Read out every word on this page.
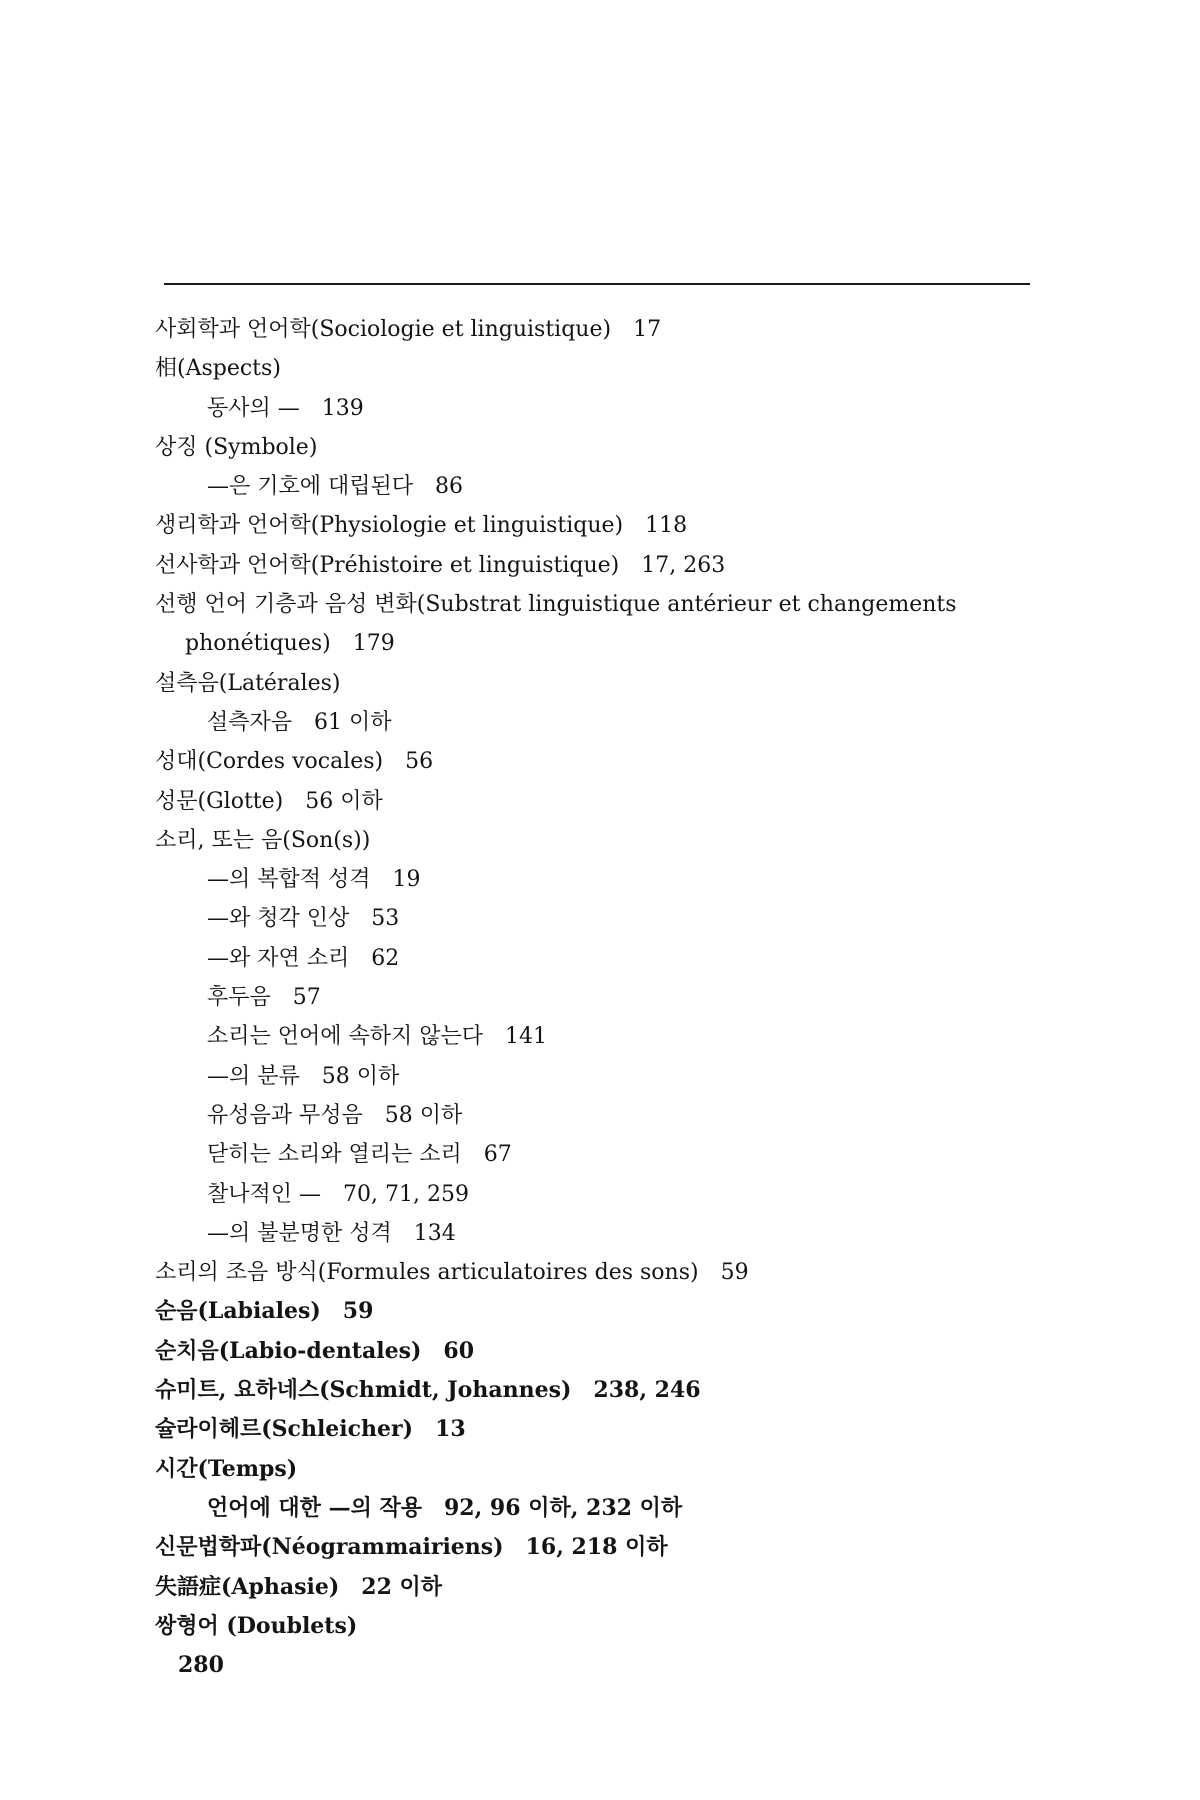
사회학과 언어학(Sociologie et linguistique) 17
相(Aspects)
동사의 — 139
상징 (Symbole)
—은 기호에 대립된다 86
생리학과 언어학(Physiologie et linguistique) 118
선사학과 언어학(Préhistoire et linguistique) 17, 263
선행 언어 기층과 음성 변화(Substrat linguistique antérieur et changements
phonétiques) 179
설측음(Latérales)
설측자음 61 이하
성대(Cordes vocales) 56
성문(Glotte) 56 이하
소리, 또는 음(Son(s))
—의 복합적 성격 19
—와 청각 인상 53
—와 자연 소리 62
후두음 57
소리는 언어에 속하지 않는다 141
—의 분류 58 이하
유성음과 무성음 58 이하
닫히는 소리와 열리는 소리 67
찰나적인 — 70, 71, 259
—의 불분명한 성격 134
소리의 조음 방식(Formules articulatoires des sons) 59
순음(Labiales) 59
순치음(Labio-dentales) 60
슈미트, 요하네스(Schmidt, Johannes) 238, 246
슐라이헤르(Schleicher) 13
시간(Temps)
언어에 대한 —의 작용 92, 96 이하, 232 이하
신문법학파(Néogrammairiens) 16, 218 이하
失語症(Aphasie) 22 이하
쌍형어 (Doublets)
280
